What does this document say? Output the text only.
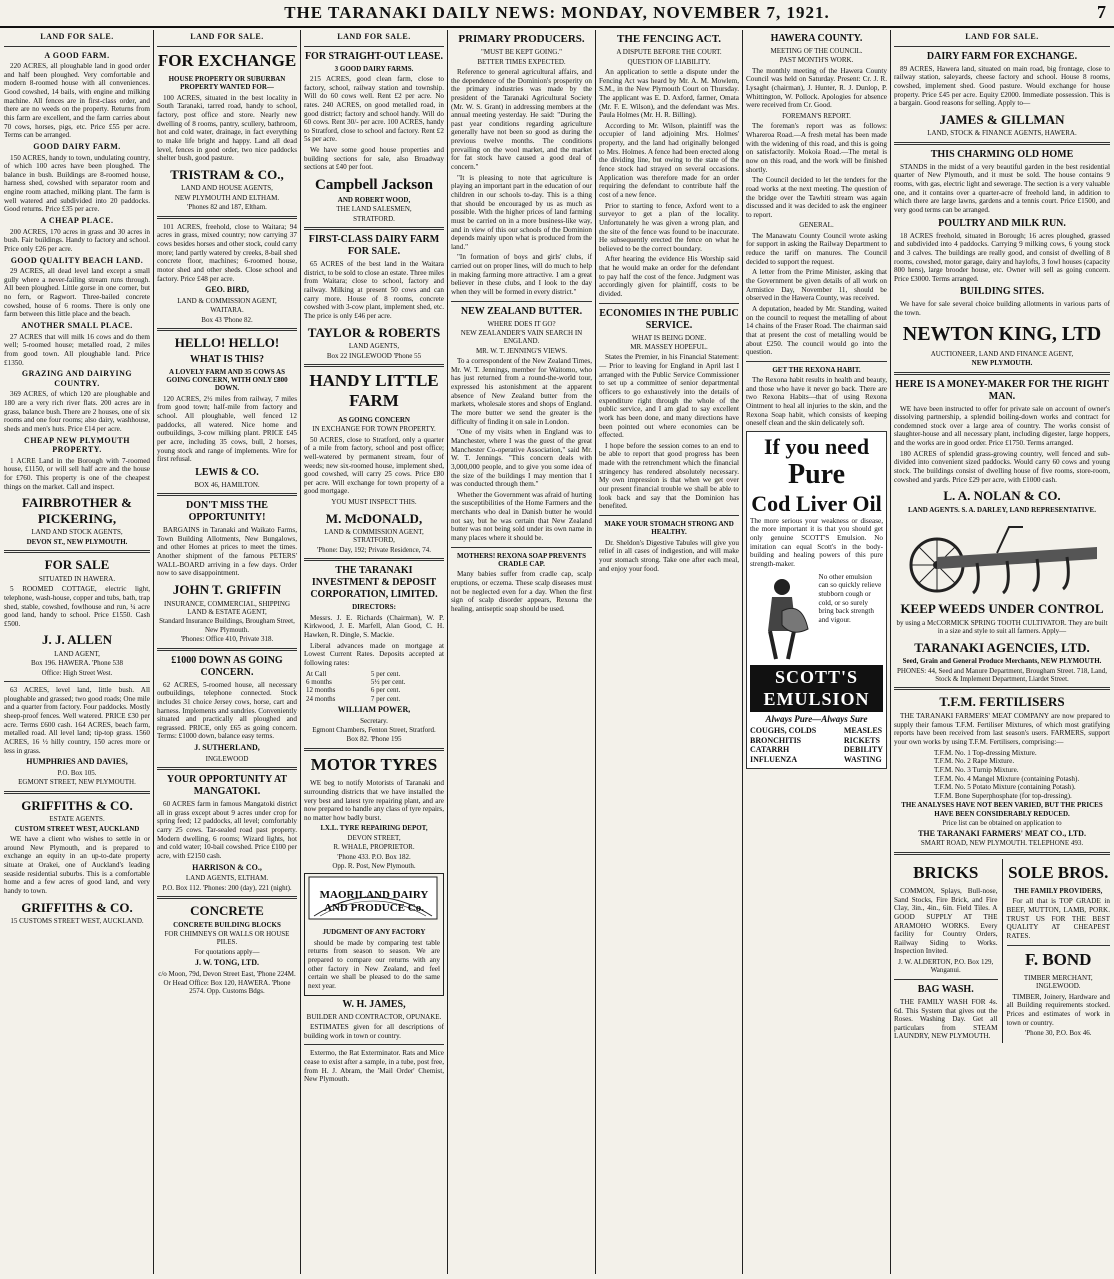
THE TARANAKI DAILY NEWS: MONDAY, NOVEMBER 7, 1921.	7
LAND FOR SALE.
A GOOD FARM.
220 ACRES, all ploughable land in good order and half been ploughed. Very comfortable and modern 8-roomed house with all conveniences. Good cowshed, 14 bails, with engine and milking machine. All fences are in first-class order, and there are no weeds on the property. Returns from this farm are excellent, and the farm carries about 70 cows, horses, pigs, etc. Price £55 per acre. Terms can be arranged.
GOOD DAIRY FARM.
150 ACRES, handy to town, undulating country, of which 100 acres have been ploughed. The balance in bush. Buildings are 8-roomed house, harness shed, cowshed with separator room and engine room attached, milking plant. The farm is well watered and subdivided into 20 paddocks. Good returns. Price £35 per acre.
A CHEAP PLACE.
200 ACRES, 170 acres in grass and 30 acres in bush. Fair buildings. Handy to factory and school. Price only £26 per acre.
GOOD QUALITY BEACH LAND.
29 ACRES, all dead level land except a small gully where a never-failing stream runs through. All been ploughed. Little gorse in one corner, but no fern, or Ragwort. Three-bailed concrete cowshed, house of 6 rooms. There is only one farm between this little place and the beach.
ANOTHER SMALL PLACE.
27 ACRES that will milk 16 cows and do them well; 5-roomed house; metalled road, 2 miles from good town. All ploughable land. Price £1350.
GRAZING AND DAIRYING COUNTRY.
369 ACRES, of which 120 are ploughable and 180 are a very rich river flats. 200 acres are in grass, balance bush. There are 2 houses, one of six rooms and one four rooms; also dairy, washhouse, sheds and men's huts. Price £14 per acre.
CHEAP NEW PLYMOUTH PROPERTY.
1 ACRE Land in the Borough with 7-roomed house, £1150, or will sell half acre and the house for £760. This property is one of the cheapest things on the market. Call and inspect.
FAIRBROTHER & PICKERING,
LAND AND STOCK AGENTS,
DEVON ST., NEW PLYMOUTH.
FOR SALE
SITUATED IN HAWERA.
5 ROOMED COTTAGE, electric light, telephone, wash-house, copper and tubs, bath, trap shed, stable, cowshed, fowlhouse and run, ¼ acre good land, handy to school. Price £1550. Cash £500.
J. J. ALLEN
LAND AGENT,
Box 196. HAWERA. 'Phone 538
Office: High Street West.
63 ACRES, level land, little bush. All ploughable and grassed; two good roads; One mile and a quarter from factory. Four paddocks. Mostly sheep-proof fences. Well watered. PRICE £30 per acre. Terms £600 cash. 164 ACRES, beach farm, metalled road. All level land; tip-top grass. 1560 ACRES, 16 ½ hilly country, 150 acres more or less in grass.
HUMPHRIES AND DAVIES,
P.O. Box 105.
EGMONT STREET, NEW PLYMOUTH.
GRIFFITHS & CO.
ESTATE AGENTS.
CUSTOM STREET WEST, AUCKLAND
WE have a client who wishes to settle in or around New Plymouth, and is prepared to exchange an equity in an up-to-date property situate at Orakei, one of Auckland's leading seaside residential suburbs. This is a comfortable home and a few acres of good land, and very handy to town.
GRIFFITHS & CO.
15 CUSTOMS STREET WEST, AUCKLAND.
LAND FOR SALE.
FOR EXCHANGE
HOUSE PROPERTY OR SUBURBAN PROPERTY WANTED FOR—
100 ACRES, situated in the best locality in South Taranaki, tarred road, handy to school, factory, post office and store. Nearly new dwelling of 8 rooms, pantry, scullery, bathroom, hot and cold water, drainage, in fact everything to make life bright and happy. Land all dead level, fences in good order, two nice paddocks shelter bush, good pasture.
TRISTRAM & CO.,
LAND AND HOUSE AGENTS,
NEW PLYMOUTH AND ELTHAM.
'Phones 82 and 187, Eltham.
101 ACRES, freehold, close to Waitara; 94 acres in grass, mixed country; now carrying 37 cows besides horses and other stock, could carry more; land partly watered by creeks, 8-bail shed concrete floor, machines; 6-roomed house, motor shed and other sheds. Close school and factory. Price £48 per acre.
GEO. BIRD,
LAND & COMMISSION AGENT,
WAITARA.
Box 43 'Phone 82.
HELLO! HELLO!
WHAT IS THIS?
A LOVELY FARM AND 35 COWS AS GOING CONCERN, WITH ONLY £800 DOWN.
120 ACRES, 2½ miles from railway, 7 miles from good town; half-mile from factory and school. All ploughable, well fenced 12 paddocks, all watered. Nice home and outbuildings, 3-cow milking plant. PRICE £45 per acre, including 35 cows, bull, 2 horses, young stock and range of implements. Wire for first refusal.
LEWIS & CO.
BOX 46, HAMILTON.
DON'T MISS THE OPPORTUNITY!
BARGAINS in Taranaki and Waikato Farms, Town Building Allotments, New Bungalows, and other Homes at prices to meet the times. Another shipment of the famous PETERS' WALL-BOARD arriving in a few days. Order now to save disappointment.
JOHN T. GRIFFIN
INSURANCE, COMMERCIAL, SHIPPING LAND & ESTATE AGENT,
Standard Insurance Buildings, Brougham Street, New Plymouth.
'Phones: Office 410, Private 318.
£1000 DOWN AS GOING CONCERN.
62 ACRES, 5-roomed house, all necessary outbuildings, telephone connected. Stock includes 31 choice Jersey cows, horse, cart and harness. Implements and sundries. Conveniently situated and practically all ploughed and regrassed. PRICE, only £65 as going concern. Terms: £1000 down, balance easy terms.
J. SUTHERLAND,
INGLEWOOD
YOUR OPPORTUNITY AT MANGATOKI.
60 ACRES farm in famous Mangatoki district all in grass except about 9 acres under crop for spring feed; 12 paddocks, all level; comfortably carry 25 cows. Tar-sealed road past property. Modern dwelling, 6 rooms; Wizard lights, hot and cold water; 10-bail cowshed. Price £100 per acre, with £2150 cash.
HARRISON & CO.,
LAND AGENTS, ELTHAM.
P.O. Box 112. 'Phones: 200 (day), 221 (night).
CONCRETE
CONCRETE BUILDING BLOCKS
FOR CHIMNEYS OR WALLS OR HOUSE PILES.
For quotations apply—
J. W. TONG, LTD.
c/o Moon, 79d, Devon Street East, 'Phone 224M.
Or Head Office: Box 120, HAWERA. 'Phone 2574. Opp. Customs Bdgs.
LAND FOR SALE.
FOR STRAIGHT-OUT LEASE.
3 GOOD DAIRY FARMS.
215 ACRES, good clean farm, close to factory, school, railway station and township. Will do 60 cows well. Rent £2 per acre. No rates. 240 ACRES, on good metalled road, in good district; factory and school handy. Will do 60 cows. Rent 30/- per acre. 100 ACRES, handy to Stratford, close to school and factory. Rent £2 5s per acre.
We have some good house properties and building sections for sale, also Broadway sections at £40 per foot.
Campbell Jackson
AND ROBERT WOOD,
THE LAND SALESMEN,
STRATFORD.
FIRST-CLASS DAIRY FARM FOR SALE.
65 ACRES of the best land in the Waitara district, to be sold to close an estate. Three miles from Waitara; close to school, factory and railway. Milking at present 50 cows and can carry more. House of 8 rooms, concrete cowshed with 3-cow plant, implement shed, etc. The price is only £46 per acre.
TAYLOR & ROBERTS
LAND AGENTS,
Box 22 INGLEWOOD 'Phone 55
HANDY LITTLE FARM
AS GOING CONCERN
IN EXCHANGE FOR TOWN PROPERTY.
50 ACRES, close to Stratford, only a quarter of a mile from factory, school and post office; well-watered by permanent stream, four of weeds; new six-roomed house, implement shed, good cowshed, will carry 25 cows. Price £80 per acre. Will exchange for town property of a good mortgage.
YOU MUST INSPECT THIS.
M. McDONALD,
LAND & COMMISSION AGENT, STRATFORD,
'Phone: Day, 192; Private Residence, 74.
THE TARANAKI INVESTMENT & DEPOSIT CORPORATION, LIMITED.
DIRECTORS:
Messrs. J. E. Richards (Chairman), W. P. Kirkwood, J. E. Marfell, Alan Good, C. H. Hawken, R. Dingle, S. Mackie.
Liberal advances made on mortgage at Lowest Current Rates. Deposits accepted at following rates:
At Call	5 per cent.
6 months	5½ per cent.
12 months	6 per cent.
24 months	7 per cent.
WILLIAM POWER,
Secretary.
Egmont Chambers, Fenton Street, Stratford.
Box 82. 'Phone 195
MOTOR TYRES
WE beg to notify Motorists of Taranaki and surrounding districts that we have installed the very best and latest tyre repairing plant, and are now prepared to handle any class of tyre repairs, no matter how badly burst.
I.X.L. TYRE REPAIRING DEPOT,
DEVON STREET,
R. WHALE, PROPRIETOR.
'Phone 433. P.O. Box 182.
Opp. R. Post, New Plymouth.
MAORILAND DAIRY AND PRODUCE Co.
JUDGMENT OF ANY FACTORY
should be made by comparing test table returns from season to season. We are prepared to compare our returns with any other factory in New Zealand, and feel certain we shall be pleased to do the same next year.
W. H. JAMES,
BUILDER AND CONTRACTOR, OPUNAKE.
ESTIMATES given for all descriptions of building work in town or country.
Extermo, the Rat Exterminator. Rats and Mice cease to exist after a sample, in a tube, post free, from H. J. Abram, the 'Mail Order' Chemist, New Plymouth.
PRIMARY PRODUCERS.
"MUST BE KEPT GOING."
BETTER TIMES EXPECTED.
Reference to general agricultural affairs, and the dependence of the Dominion's prosperity on the primary industries was made by the president of the Taranaki Agricultural Society (Mr. W. S. Grant) in addressing members at the annual meeting yesterday. He said: "During the past year conditions regarding agriculture generally have not been so good as during the previous twelve months. The conditions prevailing on the wool market, and the market for fat stock have caused a good deal of concern."
"It is pleasing to note that agriculture is playing an important part in the education of our children in our schools to-day. This is a thing that should be encouraged by us as much as possible. With the higher prices of land farming must be carried on in a more business-like way, and in view of this our schools of the Dominion depends mainly upon what is produced from the land."
"In formation of boys and girls' clubs, if carried out on proper lines, will do much to help in making farming more attractive. I am a great believer in these clubs, and I look to the day when they will be formed in every district."
NEW ZEALAND BUTTER.
WHERE DOES IT GO?
NEW ZEALANDER'S VAIN SEARCH IN ENGLAND.
MR. W. T. JENNING'S VIEWS.
To a correspondent of the New Zealand Times, Mr. W. T. Jennings, member for Waitomo, who has just returned from a round-the-world tour, expressed his astonishment at the apparent absence of New Zealand butter from the markets, wholesale stores and shops of England. The more butter we send the greater is the difficulty of finding it on sale in London.
"One of my visits when in England was to Manchester, where I was the guest of the great Manchester Co-operative Association," said Mr. W. T. Jennings. "This concern deals with 3,000,000 people, and to give you some idea of the size of the buildings I may mention that I was conducted through them."
Whether the Government was afraid of hurting the susceptibilities of the Home Farmers and the merchants who deal in Danish butter he would not say, but he was certain that New Zealand butter was not being sold under its own name in many places where it should be.
MOTHERS! REXONA SOAP PREVENTS CRADLE CAP.
Many babies suffer from cradle cap, scalp eruptions, or eczema. These scalp diseases must not be neglected even for a day. When the first sign of scalp disorder appears, Rexona the healing, antiseptic soap should be used.
THE FENCING ACT.
A DISPUTE BEFORE THE COURT.
QUESTION OF LIABILITY.
An application to settle a dispute under the Fencing Act was heard by Mr. A. M. Mowlem, S.M., in the New Plymouth Court on Thursday. The applicant was E. D. Axford, farmer, Omata (Mr. F. E. Wilson), and the defendant was Mrs. Paula Holmes (Mr. H. R. Billing).
According to Mr. Wilson, plaintiff was the occupier of land adjoining Mrs. Holmes' property, and the land had originally belonged to Mrs. Holmes. A fence had been erected along the dividing line, but owing to the state of the fence stock had strayed on several occasions. Application was therefore made for an order requiring the defendant to contribute half the cost of a new fence.
Prior to starting to fence, Axford went to a surveyor to get a plan of the locality. Unfortunately he was given a wrong plan, and the site of the fence was found to be inaccurate. He subsequently erected the fence on what he believed to be the correct boundary.
After hearing the evidence His Worship said that he would make an order for the defendant to pay half the cost of the fence. Judgment was accordingly given for plaintiff, costs to be divided.
ECONOMIES IN THE PUBLIC SERVICE.
WHAT IS BEING DONE.
MR. MASSEY HOPEFUL.
States the Premier, in his Financial Statement:— Prior to leaving for England in April last I arranged with the Public Service Commissioner to set up a committee of senior departmental officers to go exhaustively into the details of expenditure right through the whole of the public service, and I am glad to say excellent work has been done, and many directions have been pointed out where economies can be effected.
I hope before the session comes to an end to be able to report that good progress has been made with the retrenchment which the financial stringency has rendered absolutely necessary. My own impression is that when we get over our present financial trouble we shall be able to look back and say that the Dominion has benefited.
MAKE YOUR STOMACH STRONG AND HEALTHY.
Dr. Sheldon's Digestive Tabules will give you relief in all cases of indigestion, and will make your stomach strong. Take one after each meal, and enjoy your food.
HAWERA COUNTY.
MEETING OF THE COUNCIL.
PAST MONTH'S WORK.
The monthly meeting of the Hawera County Council was held on Saturday. Present: Cr. J. R. Lysaght (chairman), J. Hunter, R. J. Dunlop, P. Whittington, W. Pollock. Apologies for absence were received from Cr. Good.
FOREMAN'S REPORT.
The foreman's report was as follows: Whareroa Road.—A fresh metal has been made with the widening of this road, and this is going on satisfactorily. Mokoia Road.—The metal is now on this road, and the work will be finished shortly.
The Council decided to let the tenders for the road works at the next meeting. The question of the bridge over the Tawhiti stream was again discussed and it was decided to ask the engineer to report.
GENERAL.
The Manawatu County Council wrote asking for support in asking the Railway Department to reduce the tariff on manures. The Council decided to support the request.
A letter from the Prime Minister, asking that the Government be given details of all work on Armistice Day, November 11, should be observed in the Hawera County, was received.
A deputation, headed by Mr. Standing, waited on the council to request the metalling of about 14 chains of the Fraser Road. The chairman said that at present the cost of metalling would be about £250. The council would go into the question.
GET THE REXONA HABIT.
The Rexona habit results in health and beauty, and those who have it never go back. There are two Rexona Habits—that of using Rexona Ointment to heal all injuries to the skin, and the Rexona Soap habit, which consists of keeping oneself clean and the skin delicately soft.
If you need
Pure
Cod Liver Oil
The more serious your weakness or disease, the more important it is that you should get only genuine SCOTT'S Emulsion. No imitation can equal Scott's in the body-building and healing powers of this pure strength-maker.
No other emulsion can so quickly relieve stubborn cough or cold, or so surely bring back strength and vigour.
SCOTT'S EMULSION
Always Pure—Always Sure
COUGHS, COLDS
BRONCHITIS
CATARRH
INFLUENZA
MEASLES
RICKETS
DEBILITY
WASTING
LAND FOR SALE.
DAIRY FARM FOR EXCHANGE.
89 ACRES, Hawera land, situated on main road, big frontage, close to railway station, saleyards, cheese factory and school. House 8 rooms, cowshed, implement shed. Good pasture. Would exchange for house property. Price £45 per acre. Equity £2000. Immediate possession. This is a bargain. Good reasons for selling. Apply to—
JAMES & GILLMAN
LAND, STOCK & FINANCE AGENTS, HAWERA.
THIS CHARMING OLD HOME
STANDS in the midst of a very beautiful garden in the best residential quarter of New Plymouth, and it must be sold. The house contains 9 rooms, with gas, electric light and sewerage. The section is a very valuable one, and it contains over a quarter-acre of freehold land, in addition to which there are large lawns, gardens and a tennis court. Price £1500, and very good terms can be arranged.
POULTRY AND MILK RUN.
18 ACRES freehold, situated in Borough; 16 acres ploughed, grassed and subdivided into 4 paddocks. Carrying 9 milking cows, 6 young stock and 3 calves. The buildings are really good, and consist of dwelling of 8 rooms, cowshed, motor garage, dairy and haylofts, 3 fowl houses (capacity 800 hens), large brooder house, etc. Owner will sell as going concern. Price £3000. Terms arranged.
BUILDING SITES.
We have for sale several choice building allotments in various parts of the town.
NEWTON KING, LTD
AUCTIONEER, LAND AND FINANCE AGENT,
NEW PLYMOUTH.
HERE IS A MONEY-MAKER FOR THE RIGHT MAN.
WE have been instructed to offer for private sale on account of owner's dissolving partnership, a splendid boiling-down works and contract for condemned stock over a large area of country. The works consist of slaughter-house and all necessary plant, including digester, large hoppers, and the works are in good order. Price £1750. Terms arranged.
180 ACRES of splendid grass-growing country, well fenced and sub-divided into convenient sized paddocks. Would carry 60 cows and young stock. The buildings consist of dwelling house of five rooms, store-room, cowshed and yards. Price £29 per acre, with £1000 cash.
L. A. NOLAN & CO.
LAND AGENTS. S. A. DARLEY, LAND REPRESENTATIVE.
KEEP WEEDS UNDER CONTROL
by using a McCORMICK SPRING TOOTH CULTIVATOR. They are built in a size and style to suit all farmers. Apply—
TARANAKI AGENCIES, LTD.
Seed, Grain and General Produce Merchants, NEW PLYMOUTH.
PHONES: 44, Seed and Manure Department, Brougham Street. 718, Land, Stock & Implement Department, Liardet Street.
T.F.M. FERTILISERS
THE TARANAKI FARMERS' MEAT COMPANY are now prepared to supply their famous T.F.M. Fertiliser Mixtures, of which most gratifying reports have been received from last season's users. FARMERS, support your own works by using T.F.M. Fertilisers, comprising:—
T.F.M. No. 1 Top-dressing Mixture.
T.F.M. No. 2 Rape Mixture.
T.F.M. No. 3 Turnip Mixture.
T.F.M. No. 4 Mangel Mixture (containing Potash).
T.F.M. No. 5 Potato Mixture (containing Potash).
T.F.M. Bone Superphosphate (for top-dressing).
THE ANALYSES HAVE NOT BEEN VARIED, BUT THE PRICES HAVE BEEN CONSIDERABLY REDUCED.
Price list can be obtained on application to
THE TARANAKI FARMERS' MEAT CO., LTD.
SMART ROAD, NEW PLYMOUTH. TELEPHONE 493.
BRICKS
COMMON, Splays, Bull-nose, Sand Stocks, Fire Brick, and Fire Clay, 3in., 4in., 6in. Field Tiles. A GOOD SUPPLY AT THE ARAMOHO WORKS. Every facility for Country Orders, Railway Siding to Works. Inspection Invited.
J. W. ALDERTON, P.O. Box 129, Wanganui.
BAG WASH.
THE FAMILY WASH FOR 4s. 6d. This System that gives out the Roses. Washing Day. Get all particulars from STEAM LAUNDRY, NEW PLYMOUTH.
SOLE BROS.
THE FAMILY PROVIDERS,
For all that is TOP GRADE in BEEF, MUTTON, LAMB, PORK. TRUST US FOR THE BEST QUALITY AT CHEAPEST RATES.
F. BOND
TIMBER MERCHANT, INGLEWOOD.
TIMBER, Joinery, Hardware and all Building requirements stocked. Prices and estimates of work in town or country.
'Phone 30, P.O. Box 46.
